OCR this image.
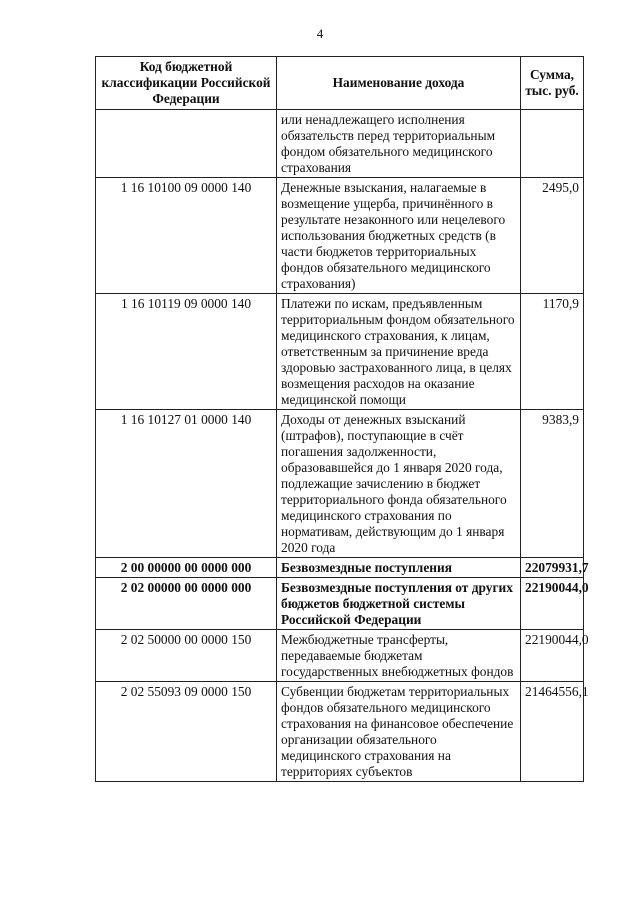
4
Код бюджетной классификации Российской Федерации	Наименование дохода	Сумма, тыс. руб.
	или ненадлежащего исполнения обязательств перед территориальным фондом обязательного медицинского страхования	
1 16 10100 09 0000 140	Денежные взыскания, налагаемые в возмещение ущерба, причинённого в результате незаконного или нецелевого использования бюджетных средств (в части бюджетов территориальных фондов обязательного медицинского страхования)	2495,0
1 16 10119 09 0000 140	Платежи по искам, предъявленным территориальным фондом обязательного медицинского страхования, к лицам, ответственным за причинение вреда здоровью застрахованного лица, в целях возмещения расходов на оказание медицинской помощи	1170,9
1 16 10127 01 0000 140	Доходы от денежных взысканий (штрафов), поступающие в счёт погашения задолженности, образовавшейся до 1 января 2020 года, подлежащие зачислению в бюджет территориального фонда обязательного медицинского страхования по нормативам, действующим до 1 января 2020 года	9383,9
2 00 00000 00 0000 000	Безвозмездные поступления	22079931,7
2 02 00000 00 0000 000	Безвозмездные поступления от других бюджетов бюджетной системы Российской Федерации	22190044,0
2 02 50000 00 0000 150	Межбюджетные трансферты, передаваемые бюджетам государственных внебюджетных фондов	22190044,0
2 02 55093 09 0000 150	Субвенции бюджетам территориальных фондов обязательного медицинского страхования на финансовое обеспечение организации обязательного медицинского страхования на территориях субъектов	21464556,1
